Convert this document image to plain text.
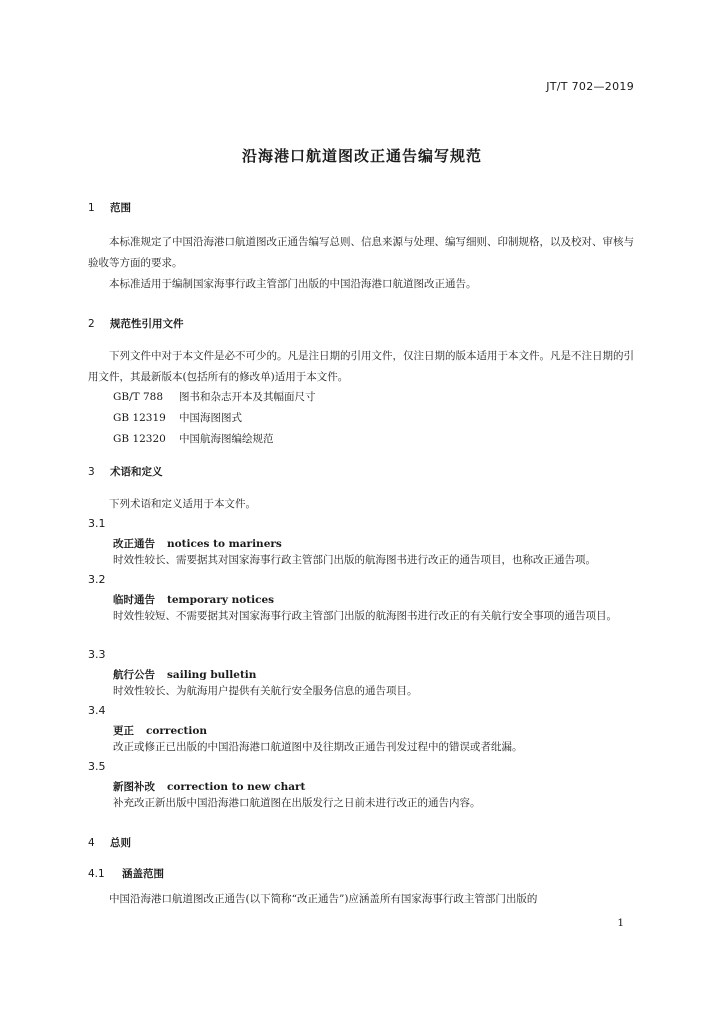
JT/T 702—2019
沿海港口航道图改正通告编写规范
1 范围
本标准规定了中国沿海港口航道图改正通告编写总则、信息来源与处理、编写细则、印制规格，以及校对、审核与验收等方面的要求。
本标准适用于编制国家海事行政主管部门出版的中国沿海港口航道图改正通告。
2 规范性引用文件
下列文件中对于本文件是必不可少的。凡是注日期的引用文件，仅注日期的版本适用于本文件。凡是不注日期的引用文件，其最新版本(包括所有的修改单)适用于本文件。
GB/T 788 图书和杂志开本及其幅面尺寸
GB 12319 中国海图图式
GB 12320 中国航海图编绘规范
3 术语和定义
下列术语和定义适用于本文件。
3.1
改正通告 notices to mariners
时效性较长、需要据其对国家海事行政主管部门出版的航海图书进行改正的通告项目，也称改正通告项。
3.2
临时通告 temporary notices
时效性较短、不需要据其对国家海事行政主管部门出版的航海图书进行改正的有关航行安全事项的通告项目。
3.3
航行公告 sailing bulletin
时效性较长、为航海用户提供有关航行安全服务信息的通告项目。
3.4
更正 correction
改正或修正已出版的中国沿海港口航道图中及往期改正通告刊发过程中的错误或者纰漏。
3.5
新图补改 correction to new chart
补充改正新出版中国沿海港口航道图在出版发行之日前未进行改正的通告内容。
4 总则
4.1 涵盖范围
中国沿海港口航道图改正通告(以下简称“改正通告”)应涵盖所有国家海事行政主管部门出版的
1
